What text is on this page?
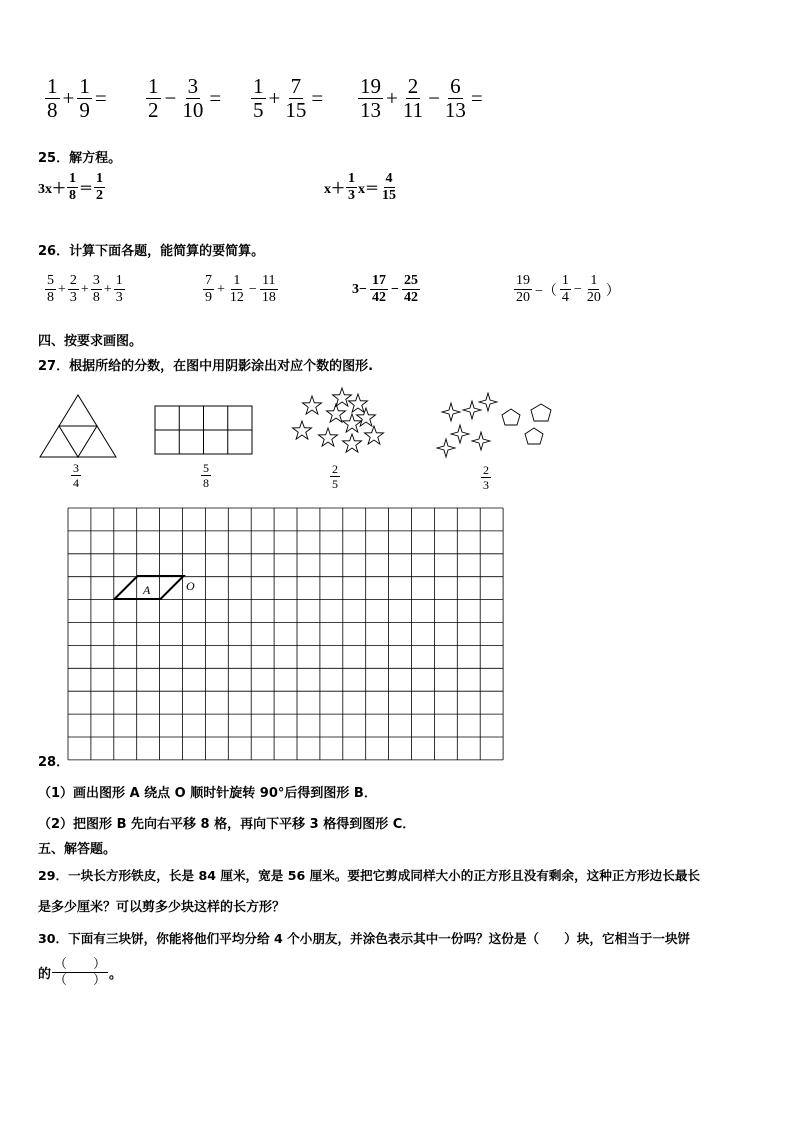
$\frac{1}{8} + \frac{1}{9} = \frac{1}{2} - \frac{3}{10} = \frac{1}{5} + \frac{7}{15} = \frac{19}{13} + \frac{2}{11} - \frac{6}{13}$ =
25．解方程。
$3x+ \frac{1}{8} = \frac{1}{2}$	$x+ \frac{1}{3} x= \frac{4}{15}$
26．计算下面各题，能简算的要简算。
$\frac{5}{8} + \frac{2}{3} + \frac{3}{8} + \frac{1}{3}$	$\frac{7}{9} + \frac{1}{12} - \frac{11}{18}$	$3- \frac{17}{42} - \frac{25}{42}$	$\frac{19}{20}$ −（ $\frac{1}{4} - \frac{1}{20}$ ）
四、按要求画图。
27．根据所给的分数，在图中用阴影涂出对应个数的图形.
$\frac{3}{4}$	$\frac{5}{8}$	$\frac{2}{5}$	$\frac{2}{3}$
A	O
28．
（1）画出图形 A 绕点 O 顺时针旋转 90°后得到图形 B．
（2）把图形 B 先向右平移 8 格，再向下平移 3 格得到图形 C．
五、解答题。
29．一块长方形铁皮，长是 84 厘米，宽是 56 厘米。要把它剪成同样大小的正方形且没有剩余，这种正方形边长最长
是多少厘米？可以剪多少块这样的长方形？
30．下面有三块饼，你能将他们平均分给 4 个小朋友，并涂色表示其中一份吗？这份是（　　）块，它相当于一块饼
的 $\frac{( )}{( )}$ 。
